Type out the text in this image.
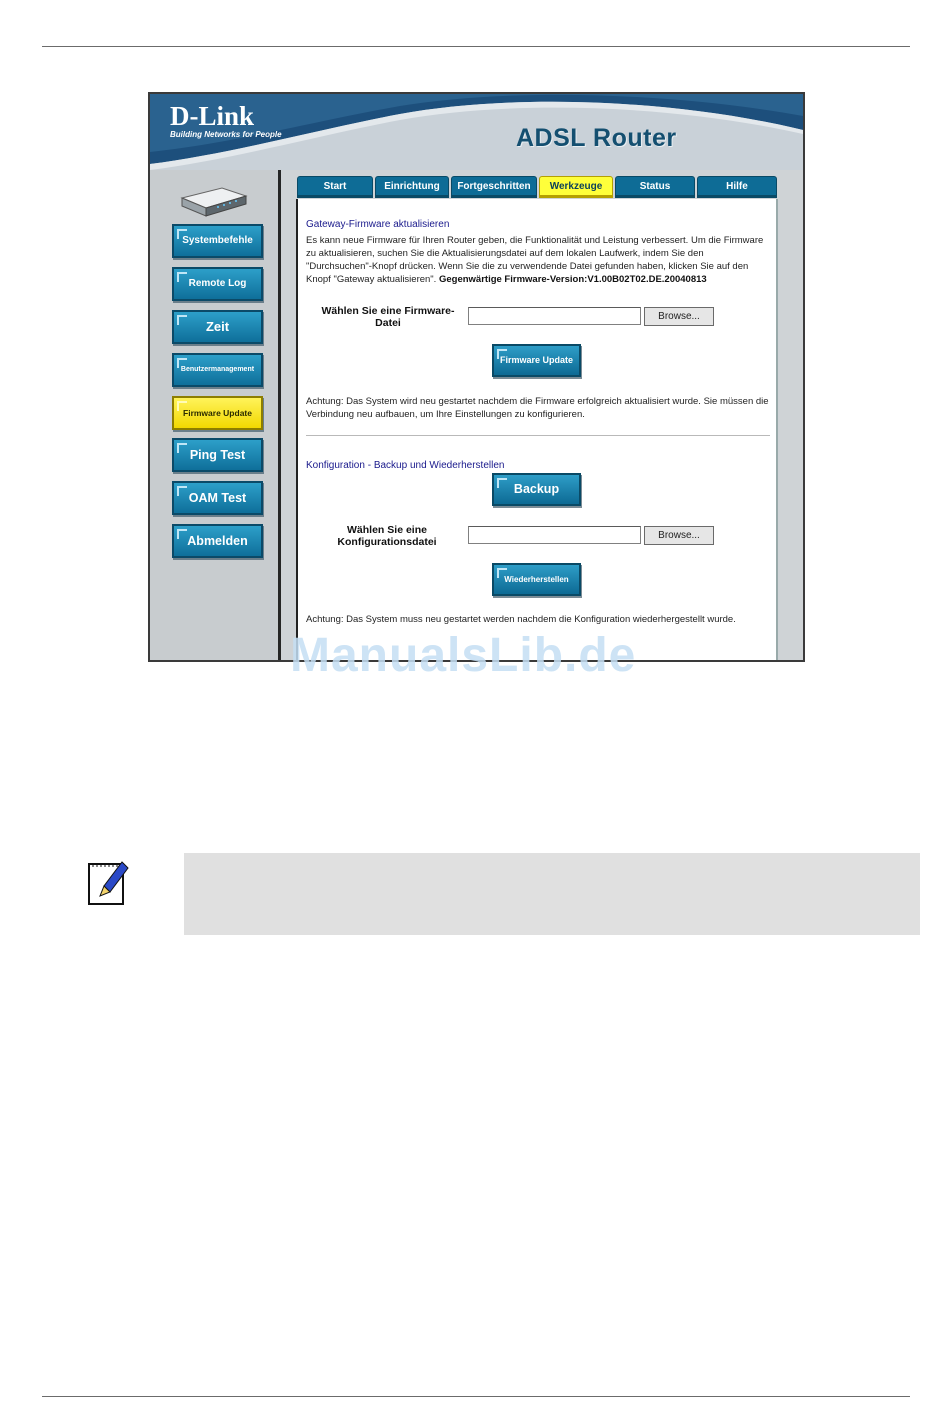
D-Link
Building Networks for People	ADSL Router
Systembefehle
Remote Log
Zeit
Benutzermanagement
Firmware Update
Ping Test
OAM Test
Abmelden
Start	Einrichtung	Fortgeschritten	Werkzeuge	Status	Hilfe
Gateway-Firmware aktualisieren
Es kann neue Firmware für Ihren Router geben, die Funktionalität und Leistung verbessert. Um die Firmware zu aktualisieren, suchen Sie die Aktualisierungsdatei auf dem lokalen Laufwerk, indem Sie den "Durchsuchen"-Knopf drücken. Wenn Sie die zu verwendende Datei gefunden haben, klicken Sie auf den Knopf "Gateway aktualisieren". Gegenwärtige Firmware-Version:V1.00B02T02.DE.20040813
Wählen Sie eine Firmware-Datei
Browse...
Firmware Update
Achtung: Das System wird neu gestartet nachdem die Firmware erfolgreich aktualisiert wurde. Sie müssen die Verbindung neu aufbauen, um Ihre Einstellungen zu konfigurieren.
Konfiguration - Backup und Wiederherstellen
Backup
Wählen Sie eine Konfigurationsdatei
Browse...
Wiederherstellen
Achtung: Das System muss neu gestartet werden nachdem die Konfiguration wiederhergestellt wurde.
ManualsLib.de
